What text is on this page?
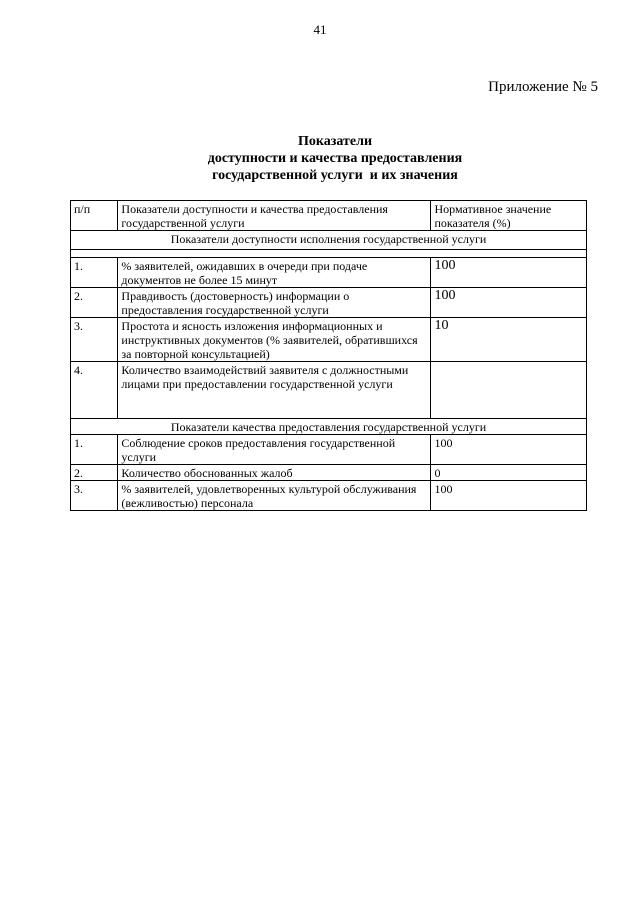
41
Приложение № 5
Показатели
доступности и качества предоставления
государственной услуги  и их значения
п/п	Показатели доступности и качества предоставления государственной услуги	Нормативное значение показателя (%)
Показатели доступности исполнения государственной услуги		

1.	% заявителей, ожидавших в очереди при подаче документов не более 15 минут	100
2.	Правдивость (достоверность) информации о предоставления государственной услуги	100
3.	Простота и ясность изложения информационных и инструктивных документов (% заявителей, обратившихся за повторной консультацией)	10
4.	Количество взаимодействий заявителя с должностными лицами при предоставлении государственной услуги	
Показатели качества предоставления государственной услуги		
1.	Соблюдение сроков предоставления государственной услуги	100
2.	Количество обоснованных жалоб	0
3.	% заявителей, удовлетворенных культурой обслуживания (вежливостью) персонала	100
